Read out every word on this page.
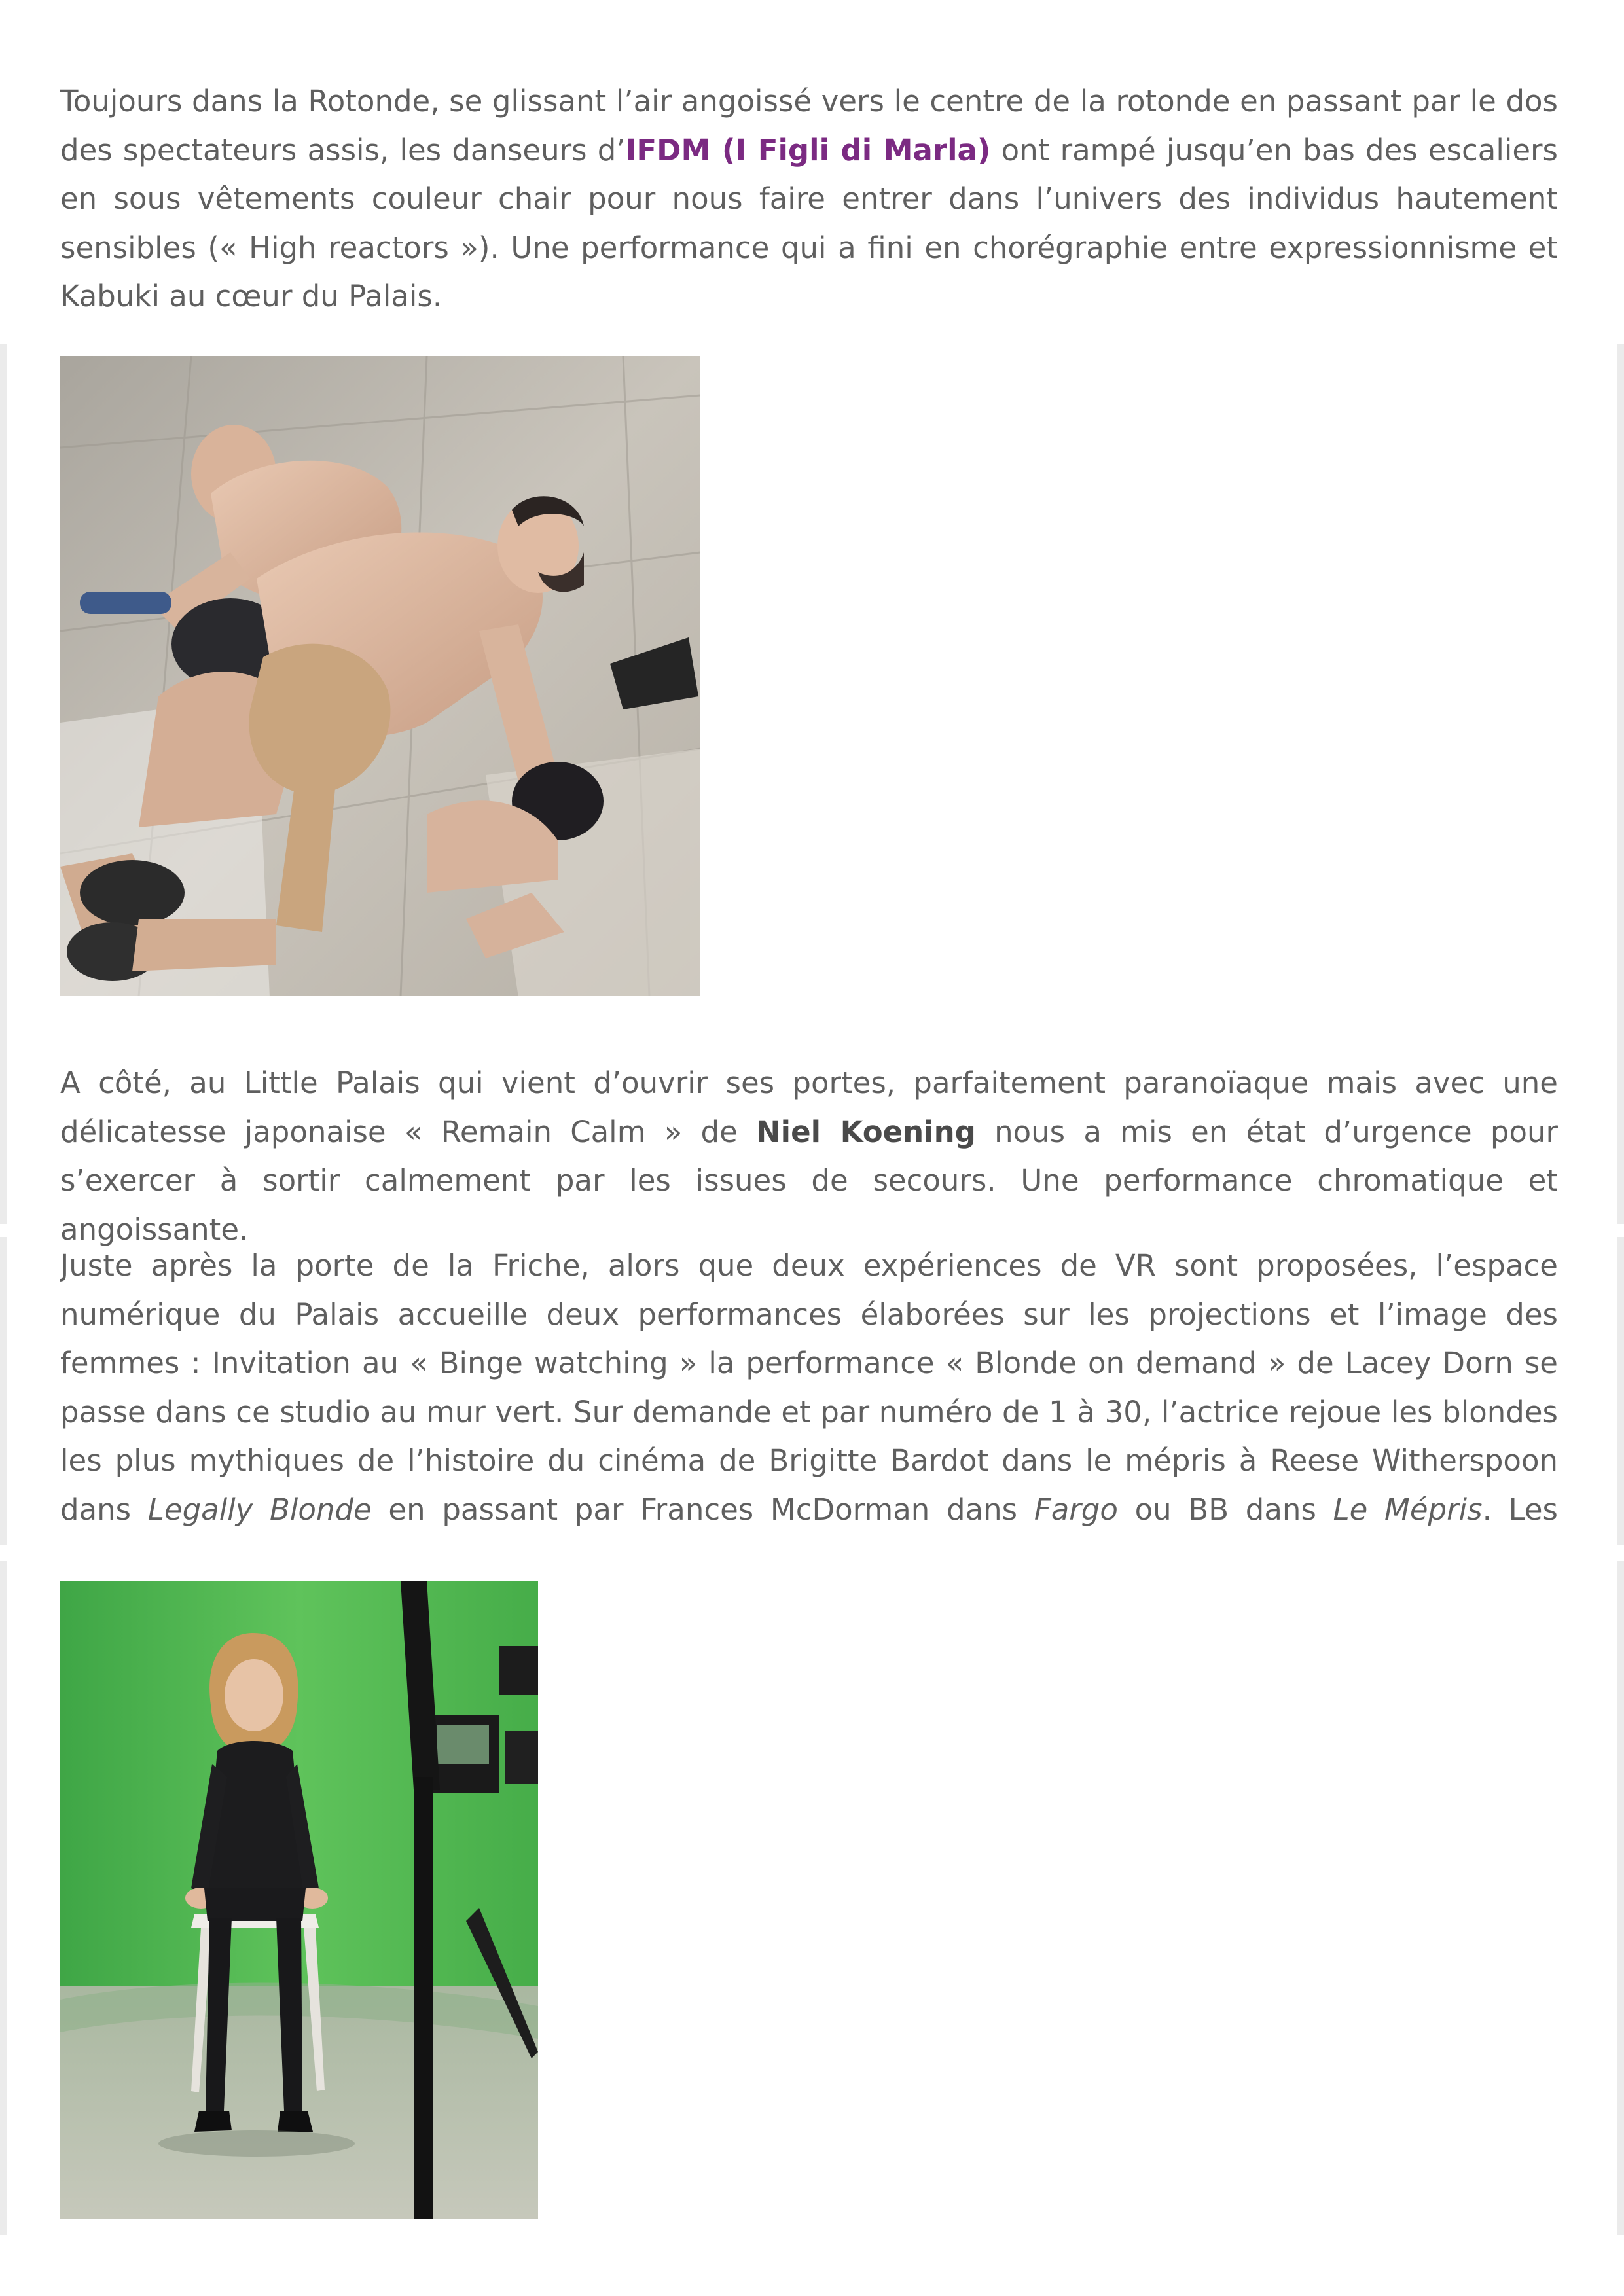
Toujours dans la Rotonde, se glissant l’air angoissé vers le centre de la rotonde en passant par le dos des spectateurs assis, les danseurs d’IFDM (I Figli di Marla) ont rampé jusqu’en bas des escaliers en sous vêtements couleur chair pour nous faire entrer dans l’univers des individus hautement sensibles (« High reactors »). Une performance qui a fini en chorégraphie entre expressionnisme et Kabuki au cœur du Palais.

A côté, au Little Palais qui vient d’ouvrir ses portes, parfaitement paranoïaque mais avec une délicatesse japonaise « Remain Calm » de Niel Koening nous a mis en état d’urgence pour s’exercer à sortir calmement par les issues de secours. Une performance chromatique et angoissante.

Juste après la porte de la Friche, alors que deux expériences de VR sont proposées, l’espace numérique du Palais accueille deux performances élaborées sur les projections et l’image des femmes : Invitation au « Binge watching » la performance « Blonde on demand » de Lacey Dorn se passe dans ce studio au mur vert. Sur demande et par numéro de 1 à 30, l’actrice rejoue les blondes les plus mythiques de l’histoire du cinéma de Brigitte Bardot dans le mépris à Reese Witherspoon dans Legally Blonde en passant par Frances McDorman dans Fargo ou BB dans Le Mépris. Les
